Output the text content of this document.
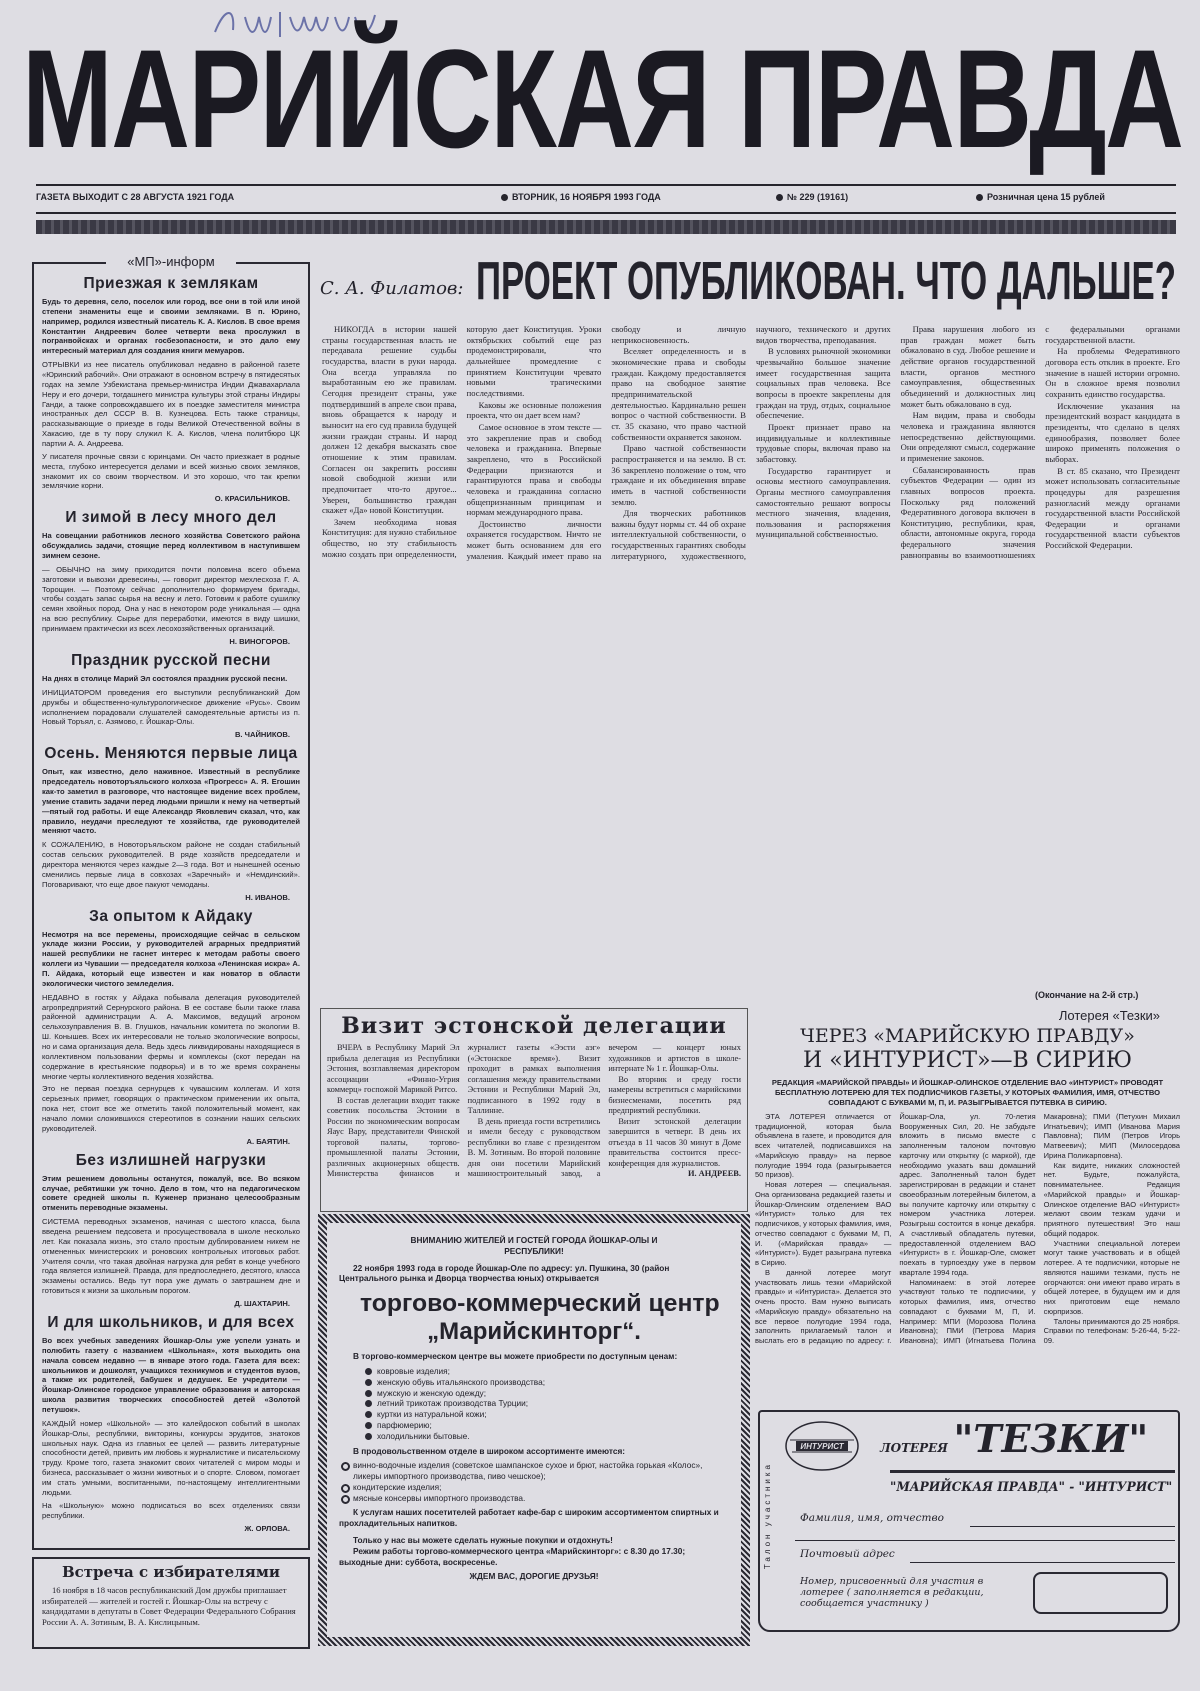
МАРИЙСКАЯ ПРАВДА
ГАЗЕТА ВЫХОДИТ С 28 АВГУСТА 1921 ГОДА	ВТОРНИК, 16 НОЯБРЯ 1993 ГОДА	№ 229 (19161)	Розничная цена 15 рублей
«МП»-информ
Приезжая к землякам
Будь то деревня, село, поселок или город, все они в той или иной степени знамениты еще и своими земляками. В п. Юрино, например, родился известный писатель К. А. Кислов. В свое время Константин Андреевич более четверти века прослужил в погранвойсках и органах госбезопасности, и это дало ему интересный материал для создания книги мемуаров.
ОТРЫВКИ из нее писатель опубликовал недавно в районной газете «Юринский рабочий». Они отражают в основном встречу в пятидесятых годах на земле Узбекистана премьер-министра Индии Джавахарлала Неру и его дочери, тогдашнего министра культуры этой страны Индиры Ганди, а также сопровождавшего их в поездке заместителя министра иностранных дел СССР В. В. Кузнецова. Есть также страницы, рассказывающие о приезде в годы Великой Отечественной войны в Хакасию, где в ту пору служил К. А. Кислов, члена политбюро ЦК партии А. А. Андреева.
У писателя прочные связи с юринцами. Он часто приезжает в родные места, глубоко интересуется делами и всей жизнью своих земляков, знакомит их со своим творчеством. И это хорошо, что так крепки землячкие корни.
О. КРАСИЛЬНИКОВ.
И зимой в лесу много дел
На совещании работников лесного хозяйства Советского района обсуждались задачи, стоящие перед коллективом в наступившем зимнем сезоне.
— ОБЫЧНО на зиму приходится почти половина всего объема заготовки и вывозки древесины, — говорит директор мехлесхоза Г. А. Торощин. — Поэтому сейчас дополнительно формируем бригады, чтобы создать запас сырья на весну и лето. Готовим к работе сушилку семян хвойных пород. Она у нас в некотором роде уникальная — одна на всю республику. Сырье для переработки, имеются в виду шишки, принимаем практически из всех лесохозяйственных организаций.
Н. ВИНОГОРОВ.
Праздник русской песни
На днях в столице Марий Эл состоялся праздник русской песни.
ИНИЦИАТОРОМ проведения его выступили республиканский Дом дружбы и общественно-культурологическое движение «Русь». Своим исполнением порадовали слушателей самодеятельные артисты из п. Новый Торъял, с. Азямово, г. Йошкар-Олы.
В. ЧАЙНИКОВ.
Осень. Меняются первые лица
Опыт, как известно, дело наживное. Известный в республике председатель новоторъяльского колхоза «Прогресс» А. Я. Егошин как-то заметил в разговоре, что настоящее видение всех проблем, умение ставить задачи перед людьми пришли к нему на четвертый—пятый год работы. И еще Александр Яковлевич сказал, что, как правило, неудачи преследуют те хозяйства, где руководителей меняют часто.
К СОЖАЛЕНИЮ, в Новоторъяльском районе не создан стабильный состав сельских руководителей. В ряде хозяйств председатели и директора меняются через каждые 2—3 года. Вот и нынешней осенью сменились первые лица в совхозах «Заречный» и «Немдинский». Поговаривают, что еще двое пакуют чемоданы.
Н. ИВАНОВ.
За опытом к Айдаку
Несмотря на все перемены, происходящие сейчас в сельском укладе жизни России, у руководителей аграрных предприятий нашей республики не гаснет интерес к методам работы своего коллеги из Чувашии — председателя колхоза «Ленинская искра» А. П. Айдака, который еще известен и как новатор в области экологически чистого земледелия.
НЕДАВНО в гостях у Айдака побывала делегация руководителей агропредприятий Сернурского района. В ее составе были также глава районной администрации А. А. Максимов, ведущий агроном сельхозуправления В. В. Глушков, начальник комитета по экологии В. Ш. Конышев. Всех их интересовали не только экологические вопросы, но и сама организация дела. Ведь здесь ликвидированы находящиеся в коллективном пользовании фермы и комплексы (скот передан на содержание в крестьянские подворья) и в то же время сохранены многие черты коллективного ведения хозяйства.
Это не первая поездка сернурцев к чувашским коллегам. И хотя серьезных примет, говорящих о практическом применении их опыта, пока нет, стоит все же отметить такой положительный момент, как начало ломки сложившихся стереотипов в сознании наших сельских руководителей.
А. БАЯТИН.
Без излишней нагрузки
Этим решением довольны останутся, пожалуй, все. Во всяком случае, ребятишки уж точно. Дело в том, что на педагогическом совете средней школы п. Куженер признано целесообразным отменить переводные экзамены.
СИСТЕМА переводных экзаменов, начиная с шестого класса, была введена решением педсовета и просуществовала в школе несколько лет. Как показала жизнь, это стало простым дублированием никем не отмененных министерских и роновских контрольных итоговых работ. Учителя сочли, что такая двойная нагрузка для ребят в конце учебного года является излишней. Правда, для предпоследнего, десятого, класса экзамены остались. Ведь тут пора уже думать о завтрашнем дне и готовиться к жизни за школьным порогом.
Д. ШАХТАРИН.
И для школьников, и для всех
Во всех учебных заведениях Йошкар-Олы уже успели узнать и полюбить газету с названием «Школьная», хотя выходить она начала совсем недавно — в январе этого года. Газета для всех: школьников и дошколят, учащихся техникумов и студентов вузов, а также их родителей, бабушек и дедушек. Ее учредители — Йошкар-Олинское городское управление образования и авторская школа развития творческих способностей детей «Золотой петушок».
КАЖДЫЙ номер «Школьной» — это калейдоскоп событий в школах Йошкар-Олы, республики, викторины, конкурсы эрудитов, знатоков школьных наук. Одна из главных ее целей — развить литературные способности детей, привить им любовь к журналистике и писательскому труду. Кроме того, газета знакомит своих читателей с миром моды и бизнеса, рассказывает о жизни животных и о спорте. Словом, помогает им стать умными, воспитанными, по-настоящему интеллигентными людьми.
На «Школьную» можно подписаться во всех отделениях связи республики.
Ж. ОРЛОВА.
Встреча с избирателями

16 ноября в 18 часов республиканский Дом дружбы приглашает избирателей — жителей и гостей г. Йошкар-Олы на встречу с кандидатами в депутаты в Совет Федерации Федерального Собрания России А. А. Зотиным, В. А. Кислицыным.

С. А. Филатов: ПРОЕКТ ОПУБЛИКОВАН. ЧТО ДАЛЬШЕ?

НИКОГДА в истории нашей страны государственная власть не передавала решение судьбы государства, власти в руки народа. Она всегда управляла по выработанным ею же правилам. Сегодня президент страны, уже подтвердивший в апреле свои права, вновь обращается к народу и выносит на его суд правила будущей жизни граждан страны. И народ должен 12 декабря высказать свое отношение к этим правилам. Согласен он закрепить россиян новой свободной жизни или предпочитает что-то другое... Уверен, большинство граждан скажет «Да» новой Конституции.

Зачем необходима новая Конституция: для нужно стабильное общество, но эту стабильность можно создать при определенности, которую дает Конституция. Уроки октябрьских событий еще раз продемонстрировали, что дальнейшее промедление с принятием Конституции чревато новыми трагическими последствиями.

Каковы же основные положения проекта, что он дает всем нам?

Самое основное в этом тексте — это закрепление прав и свобод человека и гражданина. Впервые закреплено, что в Российской Федерации признаются и гарантируются права и свободы человека и гражданина согласно общепризнанным принципам и нормам международного права.

Достоинство личности охраняется государством. Ничто не может быть основанием для его умаления. Каждый имеет право на свободу и личную неприкосновенность.

Вселяет определенность и в экономические права и свободы граждан. Каждому предоставляется право на свободное занятие предпринимательской деятельностью. Кардинально решен вопрос о частной собственности. В ст. 35 сказано, что право частной собственности охраняется законом.

Право частной собственности распространяется и на землю. В ст. 36 закреплено положение о том, что граждане и их объединения вправе иметь в частной собственности землю.

Для творческих работников важны будут нормы ст. 44 об охране интеллектуальной собственности, о государственных гарантиях свободы литературного, художественного, научного, технического и других видов творчества, преподавания.

В условиях рыночной экономики чрезвычайно большое значение имеет государственная защита социальных прав человека. Все вопросы в проекте закреплены для граждан на труд, отдых, социальное обеспечение.

Проект признает право на индивидуальные и коллективные трудовые споры, включая право на забастовку.

Государство гарантирует и основы местного самоуправления. Органы местного самоуправления самостоятельно решают вопросы местного значения, владения, пользования и распоряжения муниципальной собственностью.

Права нарушения любого из прав граждан может быть обжаловано в суд. Любое решение и действие органов государственной власти, органов местного самоуправления, общественных объединений и должностных лиц может быть обжаловано в суд.

Нам видим, права и свободы человека и гражданина являются непосредственно действующими. Они определяют смысл, содержание и применение законов.

Сбалансированность прав субъектов Федерации — один из главных вопросов проекта. Поскольку ряд положений Федеративного договора включен в Конституцию, республики, края, области, автономные округа, города федерального значения равноправны во взаимоотношениях с федеральными органами государственной власти.

На проблемы Федеративного договора есть отклик в проекте. Его значение в нашей истории огромно. Он в сложное время позволил сохранить единство государства.

Исключение указания на президентский возраст кандидата в президенты, что сделано в целях единообразия, позволяет более широко применять положения о выборах.

В ст. 85 сказано, что Президент может использовать согласительные процедуры для разрешения разногласий между органами государственной власти Российской Федерации и органами государственной власти субъектов Российской Федерации.

(Окончание на 2-й стр.)
Визит эстонской делегации

ВЧЕРА в Республику Марий Эл прибыла делегация из Республики Эстония, возглавляемая директором ассоциации «Финно-Угрия коммерц» госпожой Марикой Ритсо.

В состав делегации входит также советник посольства Эстонии в России по экономическим вопросам Яаус Вару, представители Финской торговой палаты, торгово-промышленной палаты Эстонии, различных акционерных обществ. Министерства финансов и журналист газеты «Ээсти аэг» («Эстонское время»). Визит проходит в рамках выполнения соглашения между правительствами Эстонии и Республики Марий Эл, подписанного в 1992 году в Таллинне.

В день приезда гости встретились и имели беседу с руководством республики во главе с президентом В. М. Зотиным. Во второй половине дня они посетили Марийский машиностроительный завод, а вечером — концерт юных художников и артистов в школе-интернате № 1 г. Йошкар-Олы.

Во вторник и среду гости намерены встретиться с марийскими бизнесменами, посетить ряд предприятий республики.

Визит эстонской делегации завершится в четверг. В день их отъезда в 11 часов 30 минут в Доме правительства состоится пресс-конференция для журналистов.

И. АНДРЕЕВ.

ВНИМАНИЮ ЖИТЕЛЕЙ И ГОСТЕЙ ГОРОДА ЙОШКАР-ОЛЫ И РЕСПУБЛИКИ!
22 ноября 1993 года в городе Йошкар-Оле по адресу: ул. Пушкина, 30 (район Центрального рынка и Дворца творчества юных) открывается
торгово-коммерческий центр
„Марийскинторг“.
В торгово-коммерческом центре вы можете приобрести по доступным ценам:
ковровые изделия;
женскую обувь итальянского производства;
мужскую и женскую одежду;
летний трикотаж производства Турции;
куртки из натуральной кожи;
парфюмерию;
холодильники бытовые.
В продовольственном отделе в широком ассортименте имеются:
винно-водочные изделия (советское шампанское сухое и брют, настойка горькая «Колос», ликеры импортного производства, пиво чешское);
кондитерские изделия;
мясные консервы импортного производства.
К услугам наших посетителей работает кафе-бар с широким ассортиментом спиртных и прохладительных напитков.
Только у нас вы можете сделать нужные покупки и отдохнуть!
Режим работы торгово-коммерческого центра «Марийскинторг»: с 8.30 до 17.30; выходные дни: суббота, воскресенье.
ЖДЕМ ВАС, ДОРОГИЕ ДРУЗЬЯ!
Лотерея «Тезки»
ЧЕРЕЗ «МАРИЙСКУЮ ПРАВДУ»
И «ИНТУРИСТ»—В СИРИЮ
РЕДАКЦИЯ «МАРИЙСКОЙ ПРАВДЫ» И ЙОШКАР-ОЛИНСКОЕ ОТДЕЛЕНИЕ ВАО «ИНТУРИСТ» ПРОВОДЯТ БЕСПЛАТНУЮ ЛОТЕРЕЮ ДЛЯ ТЕХ ПОДПИСЧИКОВ ГАЗЕТЫ, У КОТОРЫХ ФАМИЛИЯ, ИМЯ, ОТЧЕСТВО СОВПАДАЮТ С БУКВАМИ М, П, И. РАЗЫГРЫВАЕТСЯ ПУТЕВКА В СИРИЮ.

ЭТА ЛОТЕРЕЯ отличается от традиционной, которая была объявлена в газете, и проводится для всех читателей, подписавшихся на «Марийскую правду» на первое полугодие 1994 года (разыгрывается 50 призов).

Новая лотерея — специальная. Она организована редакцией газеты и Йошкар-Олинским отделением ВАО «Интурист» только для тех подписчиков, у которых фамилия, имя, отчество совпадают с буквами М, П, И. («Марийская правда» — «Интурист»). Будет разыграна путевка в Сирию.

В данной лотерее могут участвовать лишь тезки «Марийской правды» и «Интуриста». Делается это очень просто. Вам нужно выписать «Марийскую правду» обязательно на все первое полугодие 1994 года, заполнить прилагаемый талон и выслать его в редакцию по адресу: г. Йошкар-Ола, ул. 70-летия Вооруженных Сил, 20. Не забудьте вложить в письмо вместе с заполненным талоном почтовую карточку или открытку (с маркой), где необходимо указать ваш домашний адрес. Заполненный талон будет зарегистрирован в редакции и станет своеобразным лотерейным билетом, а вы получите карточку или открытку с номером участника лотереи. Розыгрыш состоится в конце декабря. А счастливый обладатель путевки, предоставленной отделением ВАО «Интурист» в г. Йошкар-Оле, сможет поехать в турпоездку уже в первом квартале 1994 года.

Напоминаем: в этой лотерее участвуют только те подписчики, у которых фамилия, имя, отчество совпадают с буквами М, П, И. Например: МПИ (Морозова Полина Ивановна); ПМИ (Петрова Мария Ивановна); ИМП (Игнатьева Полина Макаровна); ПМИ (Петухин Михаил Игнатьевич); ИМП (Иванова Мария Павловна); ПИМ (Петров Игорь Матвеевич); МИП (Милосердова Ирина Поликарповна).

Как видите, никаких сложностей нет. Будьте, пожалуйста, повнимательнее. Редакция «Марийской правды» и Йошкар-Олинское отделение ВАО «Интурист» желают своим тезкам удачи и приятного путешествия! Это наш общий подарок.

Участники специальной лотереи могут также участвовать и в общей лотерее. А те подписчики, которые не являются нашими тезками, пусть не огорчаются: они имеют право играть в общей лотерее, в будущем им и для них приготовим еще немало сюрпризов.

Талоны принимаются до 25 ноября. Справки по телефонам: 5-26-44, 5-22-09.

Талон участника
ИНТУРИСТ	ЛОТЕРЕЯ "ТЕЗКИ"
"МАРИЙСКАЯ ПРАВДА" - "ИНТУРИСТ"
Фамилия, имя, отчество
Почтовый адрес
Номер, присвоенный для участия в лотерее ( заполняется в редакции, сообщается участнику )
